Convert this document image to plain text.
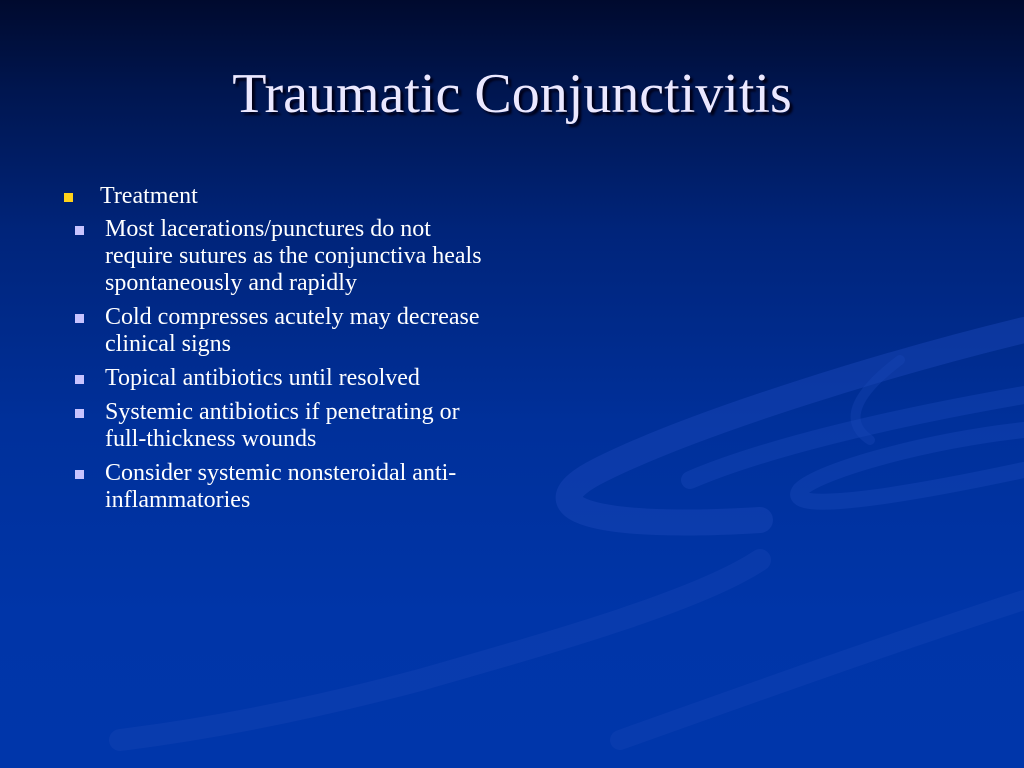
Traumatic Conjunctivitis
Treatment
Most lacerations/punctures do not require sutures as the conjunctiva heals spontaneously and rapidly
Cold compresses acutely may decrease clinical signs
Topical antibiotics until resolved
Systemic antibiotics if penetrating or full-thickness wounds
Consider systemic nonsteroidal anti-inflammatories
